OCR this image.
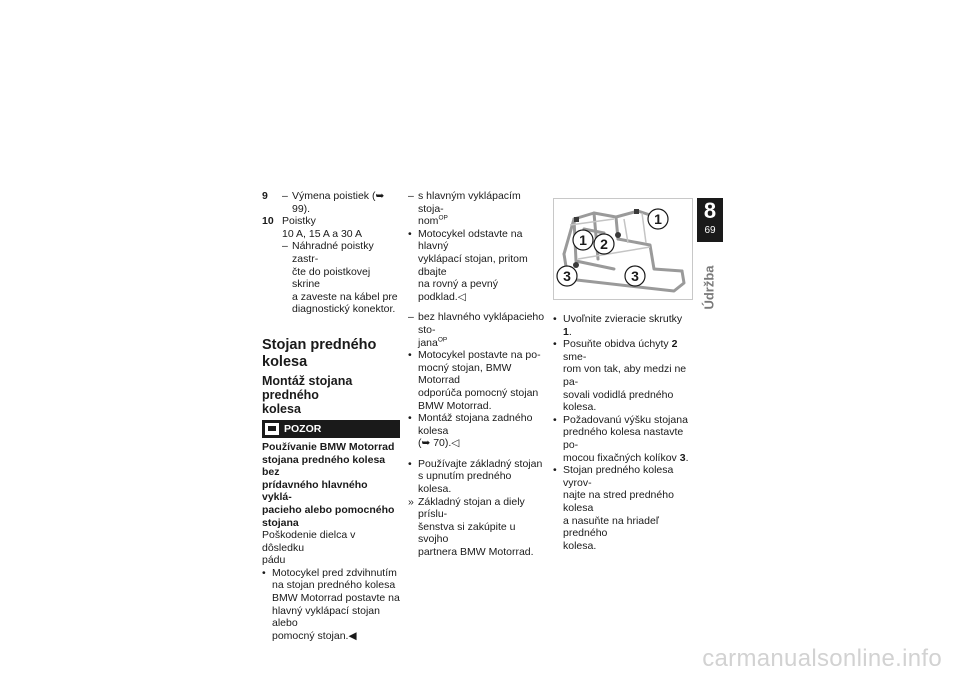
9	– Výmena poistiek (➥ 99).
10 Poistky
10 A, 15 A a 30 A
– Náhradné poistky zastr-
čte do poistkovej skrine
a zaveste na kábel pre
diagnostický konektor.
Stojan predného kolesa
Montáž stojana predného
kolesa
POZOR
Používanie BMW Motorrad
stojana predného kolesa bez
prídavného hlavného vyklá-
pacieho alebo pomocného
stojana
Poškodenie dielca v dôsledku
pádu
• Motocykel pred zdvihnutím
na stojan predného kolesa
BMW Motorrad postavte na
hlavný vyklápací stojan alebo
pomocný stojan.◀
– s hlavným vyklápacím stoja-
nom$^{OP}$
• Motocykel odstavte na hlavný
vyklápací stojan, pritom dbajte
na rovný a pevný podklad.◁
– bez hlavného vyklápacieho sto-
jana$^{OP}$
• Motocykel postavte na po-
mocný stojan, BMW Motorrad
odporúča pomocný stojan
BMW Motorrad.
• Montáž stojana zadného kolesa
(➥ 70).◁
• Používajte základný stojan
s upnutím predného kolesa.
» Základný stojan a diely príslu-
šenstva si zakúpite u svojho
partnera BMW Motorrad.
1
1 2
3	3
• Uvoľnite zvieracie skrutky 1.
• Posuňte obidva úchyty 2 sme-
rom von tak, aby medzi ne pa-
sovali vodidlá predného kolesa.
• Požadovanú výšku stojana
predného kolesa nastavte po-
mocou fixačných kolíkov 3.
• Stojan predného kolesa vyrov-
najte na stred predného kolesa
a nasuňte na hriadeľ predného
kolesa.
8
69
Údržba
carmanualsonline.info
